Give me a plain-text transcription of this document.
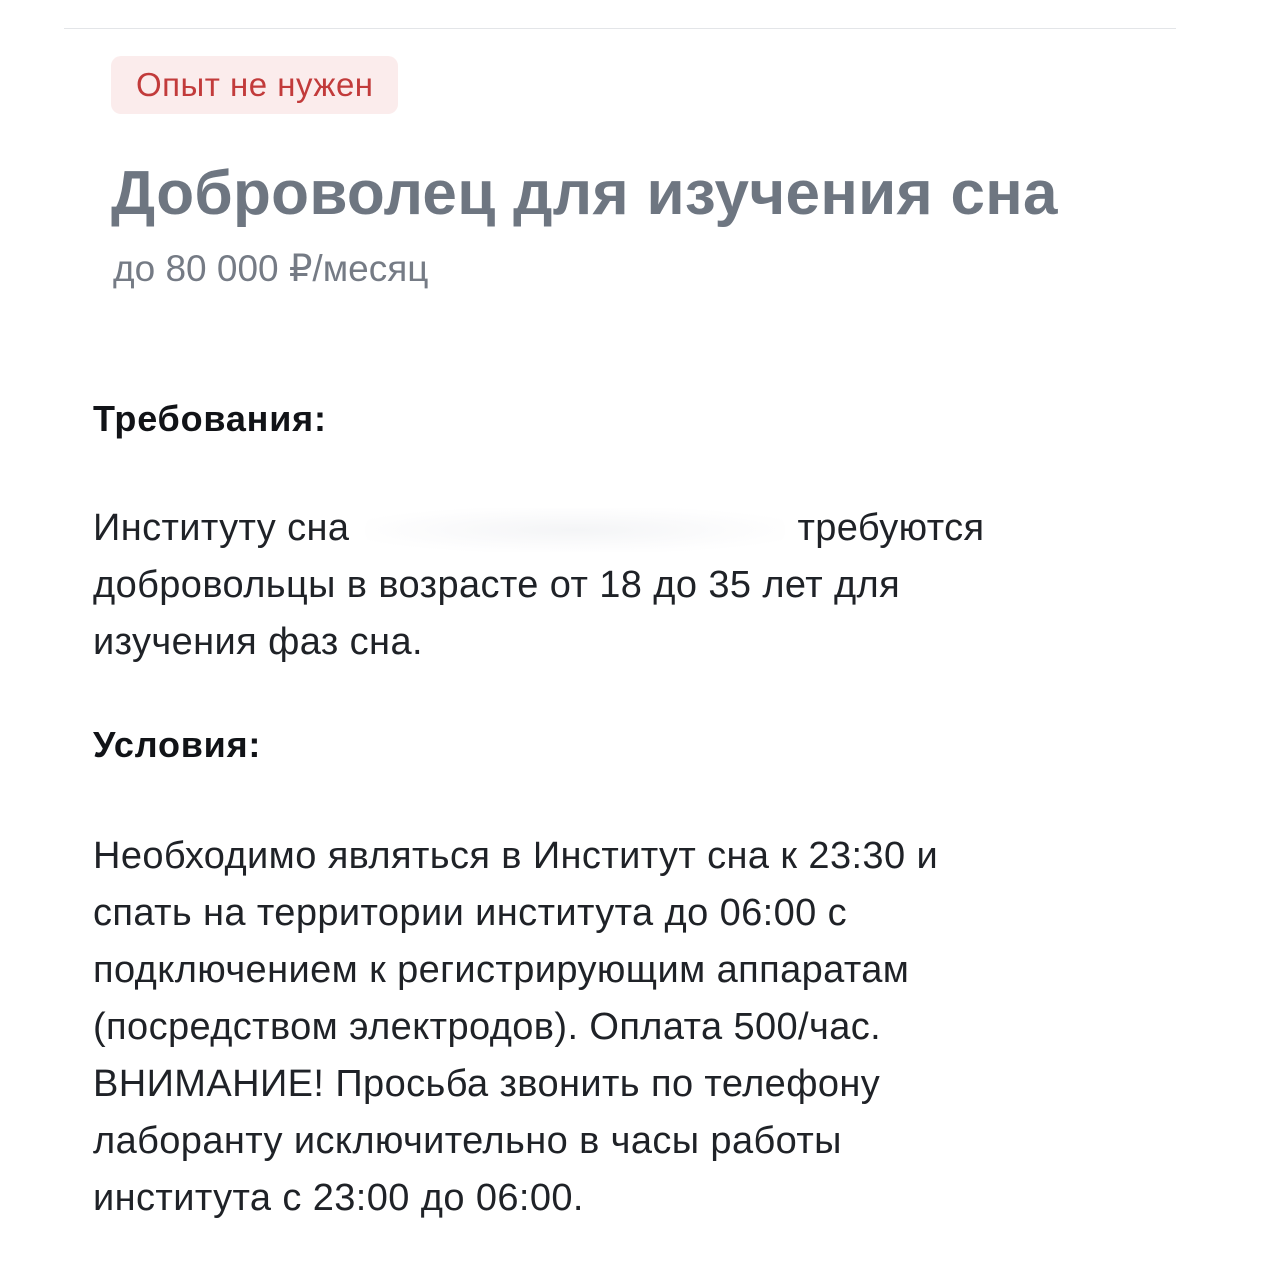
Опыт не нужен
Доброволец для изучения сна
до 80 000 ₽/месяц
Требования:
Институту сна	требуются
добровольцы в возрасте от 18 до 35 лет для
изучения фаз сна.
Условия:
Необходимо являться в Институт сна к 23:30 и
спать на территории института до 06:00 с
подключением к регистрирующим аппаратам
(посредством электродов). Оплата 500/час.
ВНИМАНИЕ! Просьба звонить по телефону
лаборанту исключительно в часы работы
института с 23:00 до 06:00.
